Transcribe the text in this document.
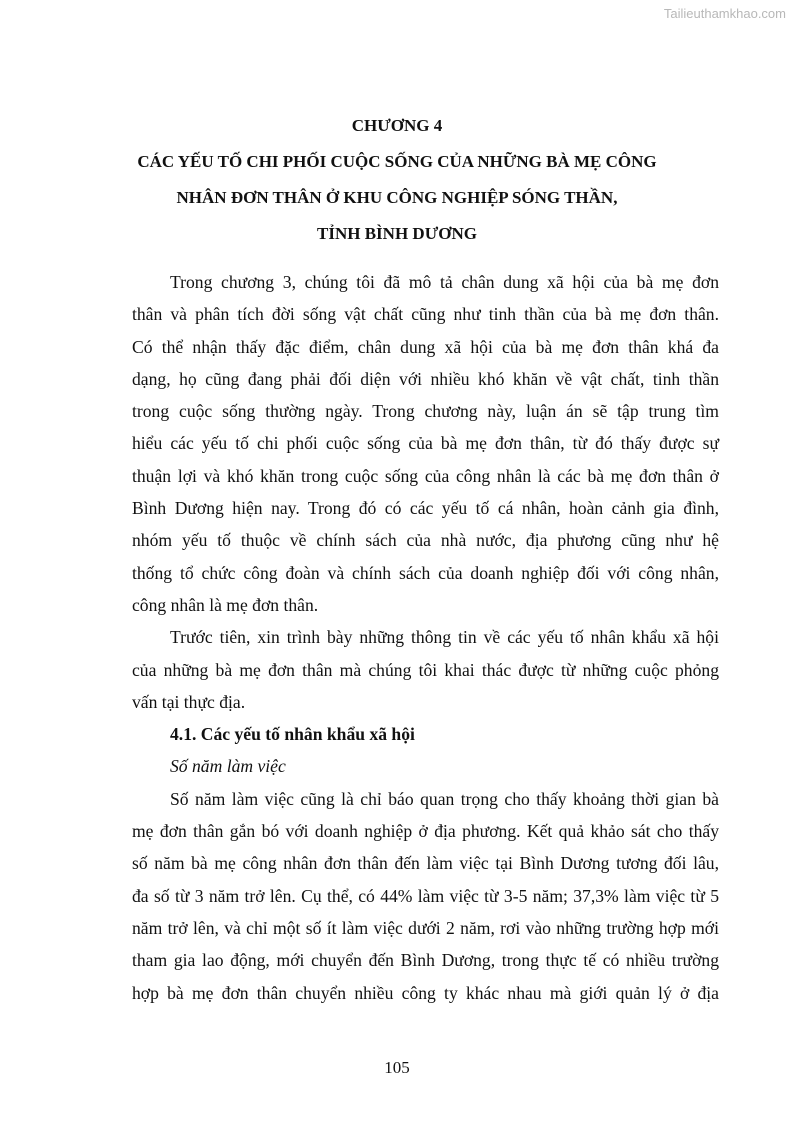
Tailieuthamkhao.com
CHƯƠNG 4
CÁC YẾU TỐ CHI PHỐI CUỘC SỐNG CỦA NHỮNG BÀ MẸ CÔNG
NHÂN ĐƠN THÂN Ở KHU CÔNG NGHIỆP SÓNG THẦN,
TỈNH BÌNH DƯƠNG
Trong chương 3, chúng tôi đã mô tả chân dung xã hội của bà mẹ đơn
thân và phân tích đời sống vật chất cũng như tinh thần của bà mẹ đơn thân.
Có thể nhận thấy đặc điểm, chân dung xã hội của bà mẹ đơn thân khá đa
dạng, họ cũng đang phải đối diện với nhiều khó khăn về vật chất, tinh thần
trong cuộc sống thường ngày. Trong chương này, luận án sẽ tập trung tìm
hiểu các yếu tố chi phối cuộc sống của bà mẹ đơn thân, từ đó thấy được sự
thuận lợi và khó khăn trong cuộc sống của công nhân là các bà mẹ đơn thân ở
Bình Dương hiện nay. Trong đó có các yếu tố cá nhân, hoàn cảnh gia đình,
nhóm yếu tố thuộc về chính sách của nhà nước, địa phương cũng như hệ
thống tổ chức công đoàn và chính sách của doanh nghiệp đối với công nhân,
công nhân là mẹ đơn thân.
Trước tiên, xin trình bày những thông tin về các yếu tố nhân khẩu xã hội
của những bà mẹ đơn thân mà chúng tôi khai thác được từ những cuộc phỏng
vấn tại thực địa.
4.1. Các yếu tố nhân khẩu xã hội
Số năm làm việc
Số năm làm việc cũng là chỉ báo quan trọng cho thấy khoảng thời gian bà
mẹ đơn thân gắn bó với doanh nghiệp ở địa phương. Kết quả khảo sát cho thấy
số năm bà mẹ công nhân đơn thân đến làm việc tại Bình Dương tương đối lâu,
đa số từ 3 năm trở lên. Cụ thể, có 44% làm việc từ 3-5 năm; 37,3% làm việc từ 5
năm trở lên, và chỉ một số ít làm việc dưới 2 năm, rơi vào những trường hợp mới
tham gia lao động, mới chuyển đến Bình Dương, trong thực tế có nhiều trường
hợp bà mẹ đơn thân chuyển nhiều công ty khác nhau mà giới quản lý ở địa
105
